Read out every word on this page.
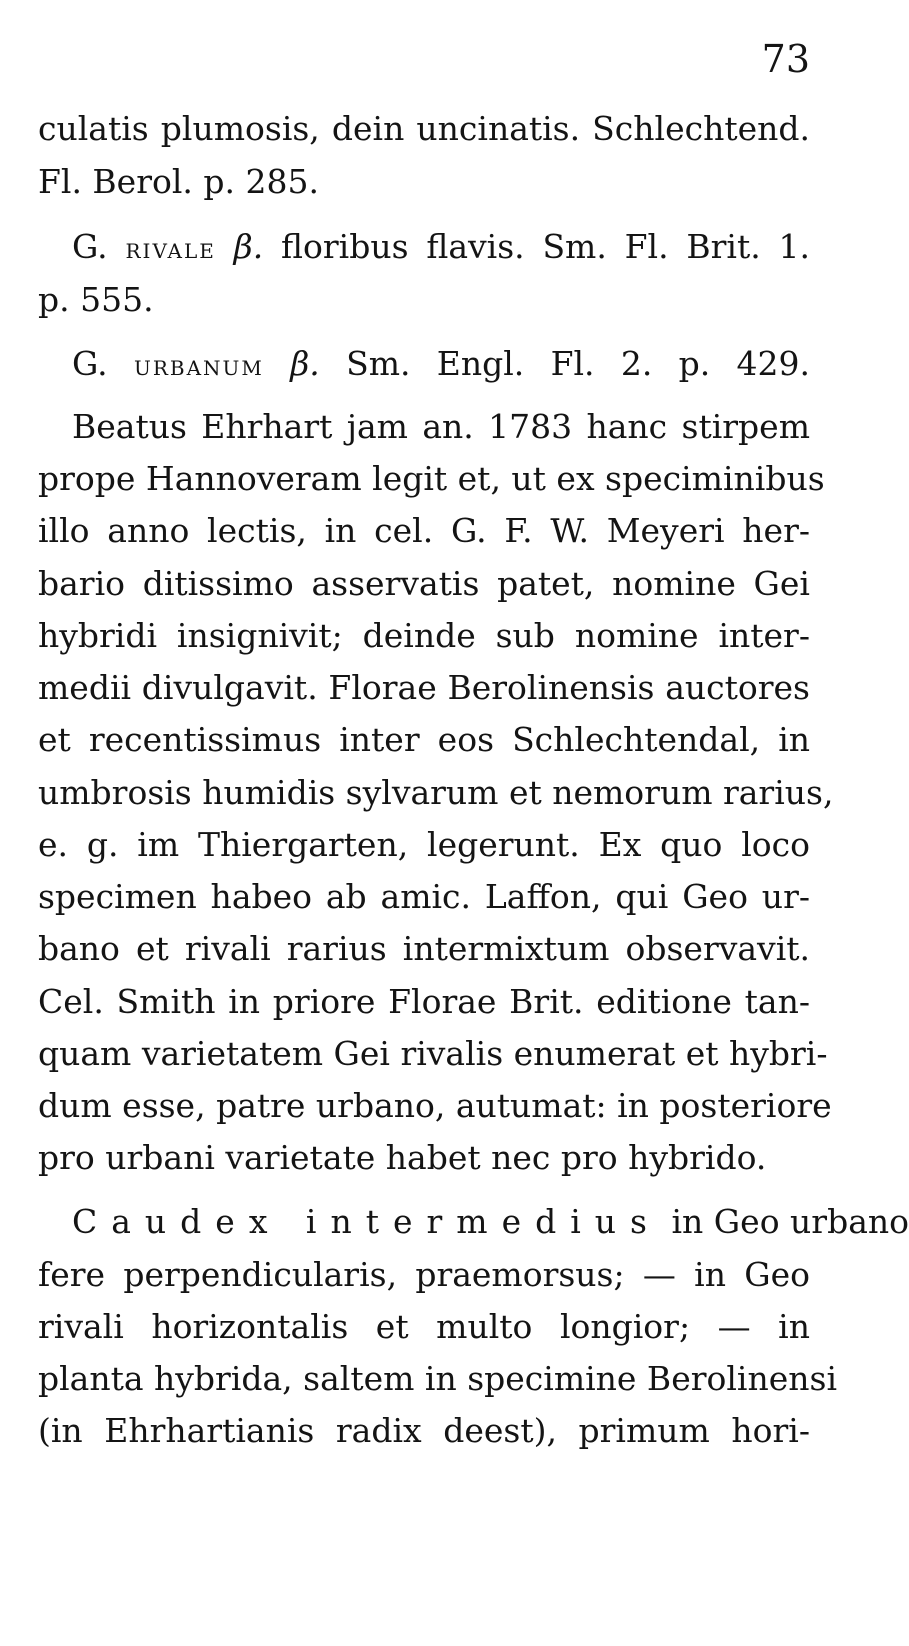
73
culatis plumosis, dein uncinatis. Schlechtend.
Fl. Berol. p. 285.
G. rivale β. floribus flavis. Sm. Fl. Brit. 1.
p. 555.
G. urbanum β. Sm. Engl. Fl. 2. p. 429.
Beatus Ehrhart jam an. 1783 hanc stirpem
prope Hannoveram legit et, ut ex speciminibus
illo anno lectis, in cel. G. F. W. Meyeri her-
bario ditissimo asservatis patet, nomine Gei
hybridi insignivit; deinde sub nomine inter-
medii divulgavit. Florae Berolinensis auctores
et recentissimus inter eos Schlechtendal, in
umbrosis humidis sylvarum et nemorum rarius,
e. g. im Thiergarten, legerunt. Ex quo loco
specimen habeo ab amic. Laffon, qui Geo ur-
bano et rivali rarius intermixtum observavit.
Cel. Smith in priore Florae Brit. editione tan-
quam varietatem Gei rivalis enumerat et hybri-
dum esse, patre urbano, autumat: in posteriore
pro urbani varietate habet nec pro hybrido.
Caudex intermedius in Geo urbano
fere perpendicularis, praemorsus; — in Geo
rivali horizontalis et multo longior; — in
planta hybrida, saltem in specimine Berolinensi
(in Ehrhartianis radix deest), primum hori-
